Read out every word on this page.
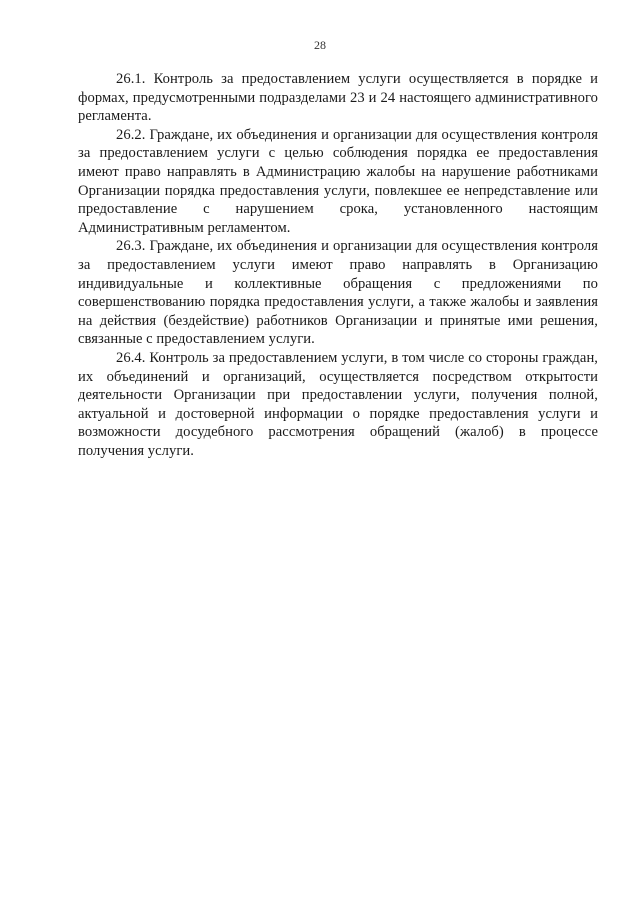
28

26.1. Контроль за предоставлением услуги осуществляется в порядке и формах, предусмотренными подразделами 23 и 24 настоящего административного регламента.

26.2. Граждане, их объединения и организации для осуществления контроля за предоставлением услуги с целью соблюдения порядка ее предоставления имеют право направлять в Администрацию жалобы на нарушение работниками Организации порядка предоставления услуги, повлекшее ее непредставление или предоставление с нарушением срока, установленного настоящим Административным регламентом.

26.3. Граждане, их объединения и организации для осуществления контроля за предоставлением услуги имеют право направлять в Организацию индивидуальные и коллективные обращения с предложениями по совершенствованию порядка предоставления услуги, а также жалобы и заявления на действия (бездействие) работников Организации и принятые ими решения, связанные с предоставлением услуги.

26.4. Контроль за предоставлением услуги, в том числе со стороны граждан, их объединений и организаций, осуществляется посредством открытости деятельности Организации при предоставлении услуги, получения полной, актуальной и достоверной информации о порядке предоставления услуги и возможности досудебного рассмотрения обращений (жалоб) в процессе получения услуги.
